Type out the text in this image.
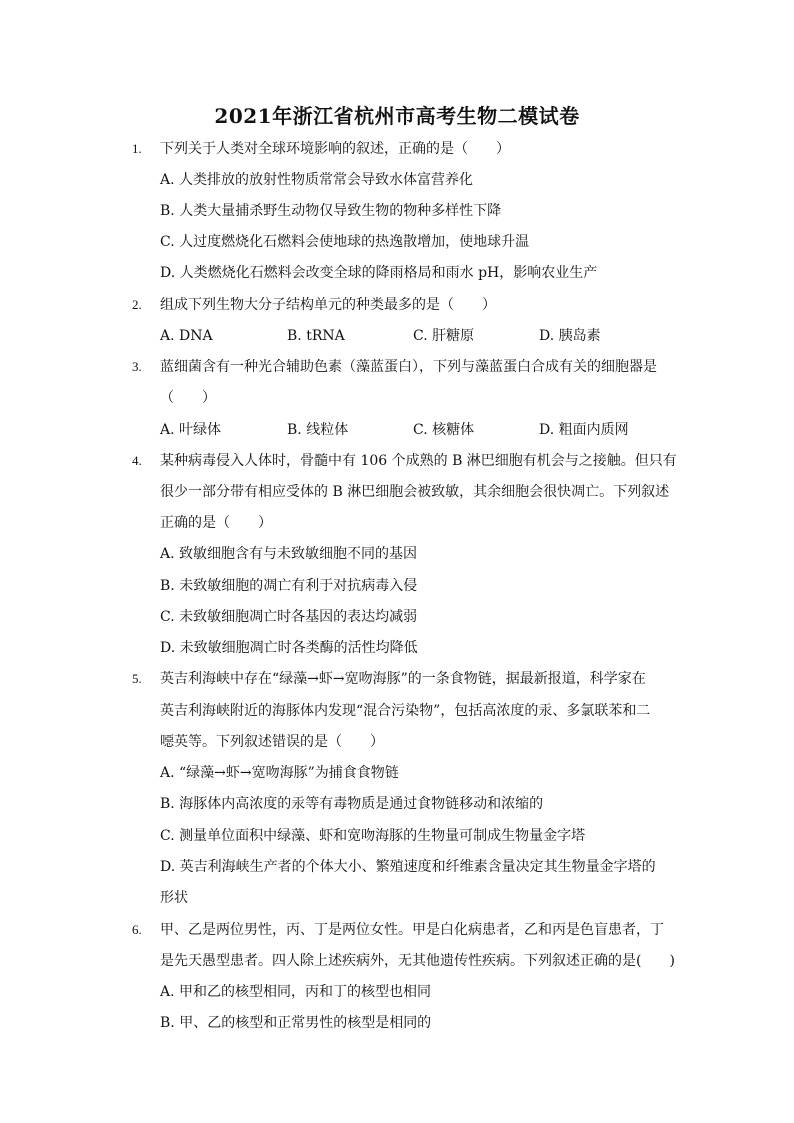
2021年浙江省杭州市高考生物二模试卷
1. 下列关于人类对全球环境影响的叙述，正确的是（　　）
A. 人类排放的放射性物质常常会导致水体富营养化
B. 人类大量捕杀野生动物仅导致生物的物种多样性下降
C. 人过度燃烧化石燃料会使地球的热逸散增加，使地球升温
D. 人类燃烧化石燃料会改变全球的降雨格局和雨水 pH，影响农业生产
2. 组成下列生物大分子结构单元的种类最多的是（　　）
A. DNA	B. tRNA	C. 肝糖原	D. 胰岛素
3. 蓝细菌含有一种光合辅助色素（藻蓝蛋白），下列与藻蓝蛋白合成有关的细胞器是
（　　）
A. 叶绿体	B. 线粒体	C. 核糖体	D. 粗面内质网
4. 某种病毒侵入人体时，骨髓中有 106 个成熟的 B 淋巴细胞有机会与之接触。但只有
很少一部分带有相应受体的 B 淋巴细胞会被致敏，其余细胞会很快凋亡。下列叙述
正确的是（　　）
A. 致敏细胞含有与未致敏细胞不同的基因
B. 未致敏细胞的凋亡有利于对抗病毒入侵
C. 未致敏细胞凋亡时各基因的表达均减弱
D. 未致敏细胞凋亡时各类酶的活性均降低
5. 英吉利海峡中存在“绿藻→虾→宽吻海豚”的一条食物链，据最新报道，科学家在
英吉利海峡附近的海豚体内发现“混合污染物”，包括高浓度的汞、多氯联苯和二
噁英等。下列叙述错误的是（　　）
A. “绿藻→虾→宽吻海豚”为捕食食物链
B. 海豚体内高浓度的汞等有毒物质是通过食物链移动和浓缩的
C. 测量单位面积中绿藻、虾和宽吻海豚的生物量可制成生物量金字塔
D. 英吉利海峡生产者的个体大小、繁殖速度和纤维素含量决定其生物量金字塔的
形状
6. 甲、乙是两位男性，丙、丁是两位女性。甲是白化病患者，乙和丙是色盲患者，丁
是先天愚型患者。四人除上述疾病外，无其他遗传性疾病。下列叙述正确的是(　　)
A. 甲和乙的核型相同，丙和丁的核型也相同
B. 甲、乙的核型和正常男性的核型是相同的
